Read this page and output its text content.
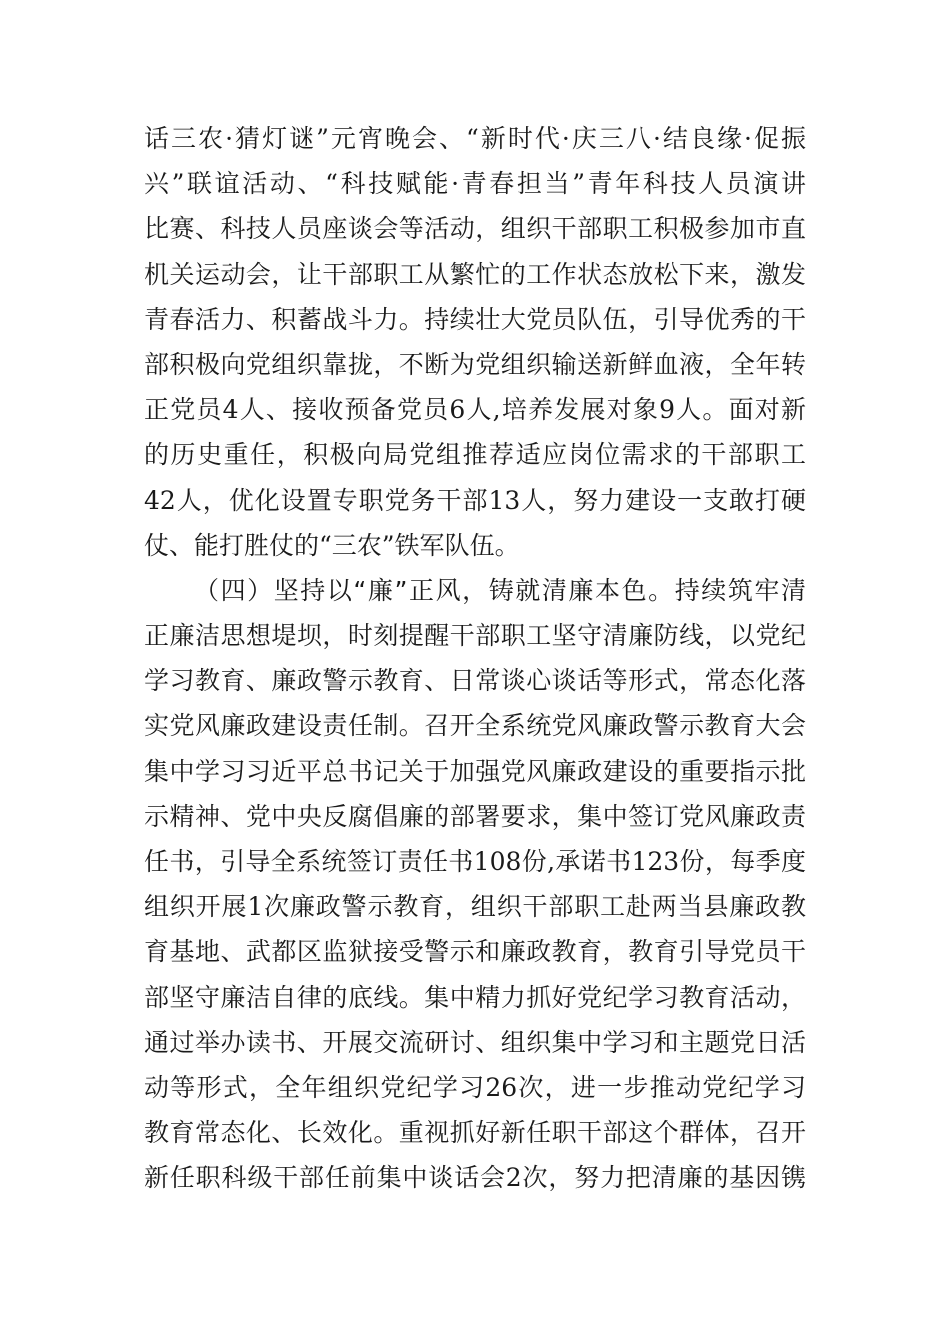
话三农·猜灯谜”元宵晚会、“新时代·庆三八·结良缘·促振
兴”联谊活动、“科技赋能·青春担当”青年科技人员演讲
比赛、科技人员座谈会等活动，组织干部职工积极参加市直
机关运动会，让干部职工从繁忙的工作状态放松下来，激发
青春活力、积蓄战斗力。持续壮大党员队伍，引导优秀的干
部积极向党组织靠拢，不断为党组织输送新鲜血液，全年转
正党员4人、接收预备党员6人,培养发展对象9人。面对新
的历史重任，积极向局党组推荐适应岗位需求的干部职工
42人，优化设置专职党务干部13人，努力建设一支敢打硬
仗、能打胜仗的“三农”铁军队伍。
（四）坚持以“廉”正风，铸就清廉本色。持续筑牢清
正廉洁思想堤坝，时刻提醒干部职工坚守清廉防线，以党纪
学习教育、廉政警示教育、日常谈心谈话等形式，常态化落
实党风廉政建设责任制。召开全系统党风廉政警示教育大会
集中学习习近平总书记关于加强党风廉政建设的重要指示批
示精神、党中央反腐倡廉的部署要求，集中签订党风廉政责
任书，引导全系统签订责任书108份,承诺书123份，每季度
组织开展1次廉政警示教育，组织干部职工赴两当县廉政教
育基地、武都区监狱接受警示和廉政教育，教育引导党员干
部坚守廉洁自律的底线。集中精力抓好党纪学习教育活动，
通过举办读书、开展交流研讨、组织集中学习和主题党日活
动等形式，全年组织党纪学习26次，进一步推动党纪学习
教育常态化、长效化。重视抓好新任职干部这个群体，召开
新任职科级干部任前集中谈话会2次，努力把清廉的基因镌
